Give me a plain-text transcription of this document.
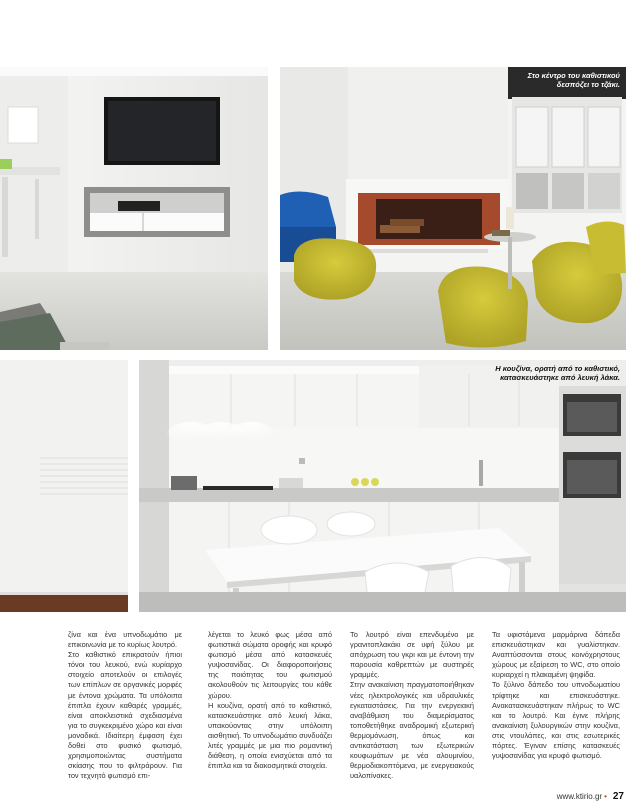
Στο κέντρο του καθιστικού δεσπόζει το τζάκι.
Η κουζίνα, ορατή από το καθιστικό, κατασκευάστηκε από λευκή λάκα.

ζίνα και ένα υπνοδωμάτιο με επικοινωνία με το κυρίως λουτρό.

Στο καθιστικό επικρατούν ήπιοι τόνοι του λευκού, ενώ κυρίαρχο στοιχείο αποτελούν οι επιλογές των επίπλων σε οργανικές μορφές με έντονα χρώματα. Τα υπόλοιπα έπιπλα έχουν καθαρές γραμμές, είναι αποκλειστικά σχεδιασμένα για το συγκεκριμένο χώρο και είναι μοναδικά. Ιδιαίτερη έμφαση έχει δοθεί στο φυσικό φωτισμό, χρησιμοποιώντας συστήματα σκίασης που το φιλτράρουν. Για τον τεχνητό φωτισμό επι-

λέγεται το λευκό φως μέσα από φωτιστικά σώματα οροφής και κρυφό φωτισμό μέσα από κατασκευές γυψοσανίδας. Οι διαφοροποιήσεις της ποιότητας του φωτισμού ακολουθούν τις λειτουργίες του κάθε χώρου.

Η κουζίνα, ορατή από το καθιστικό, κατασκευάστηκε από λευκή λάκα, υπακούοντας στην υπόλοιπη αισθητική. Το υπνοδωμάτιο συνδυάζει λιτές γραμμές με μια πιο ρομαντική διάθεση, η οποία ενισχύεται από τα έπιπλα και τα διακοσμητικά στοιχεία.

Το λουτρό είναι επενδυμένο με γρανιτοπλακάκι σε υφή ξύλου με απόχρωση του γκρι και με έντονη την παρουσία καθρεπτών με αυστηρές γραμμές.

Στην ανακαίνιση πραγματοποιήθηκαν νέες ηλεκτρολογικές και υδραυλικές εγκαταστάσεις. Για την ενεργειακή αναβάθμιση του διαμερίσματος τοποθετήθηκε αναδρομική εξωτερική θερμομόνωση, όπως και αντικατάσταση των εξωτερικών κουφωμάτων με νέα αλουμινίου, θερμοδιακοπτόμενα, με ενεργειακούς υαλοπίνακες.

Τα υφιστάμενα μαρμάρινα δάπεδα επισκευάστηκαν και γυαλίστηκαν. Αναπτύσσονται στους κοινόχρηστους χώρους με εξαίρεση το WC, στο οποίο κυριαρχεί η πλακαμένη ψηφίδα.

Το ξύλινο δάπεδο του υπνοδωματίου τρίφτηκε και επισκευάστηκε. Ανακατασκευάστηκαν πλήρως το WC και το λουτρό. Και έγινε πλήρης ανακαίνιση ξυλουργικών στην κουζίνα, στις ντουλάπες, και στις εσωτερικές πόρτες. Έγιναν επίσης κατασκευές γυψοσανίδας για κρυφό φωτισμό.

www.ktirio.gr • 27
